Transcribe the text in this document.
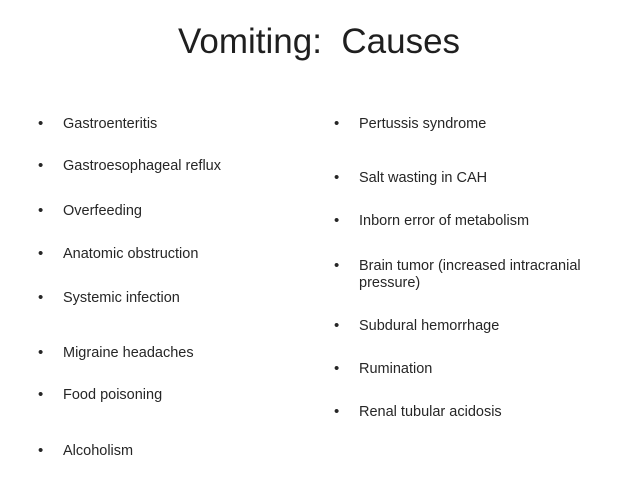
Vomiting:  Causes
•	Gastroenteritis
•	Gastroesophageal reflux
•	Overfeeding
•	Anatomic obstruction
•	Systemic infection
•	Migraine headaches
•	Food poisoning
•	Alcoholism
•	Pertussis syndrome
•	Salt wasting in CAH
•	Inborn error of metabolism
•	Brain tumor (increased intracranial pressure)
•	Subdural hemorrhage
•	Rumination
•	Renal tubular acidosis
